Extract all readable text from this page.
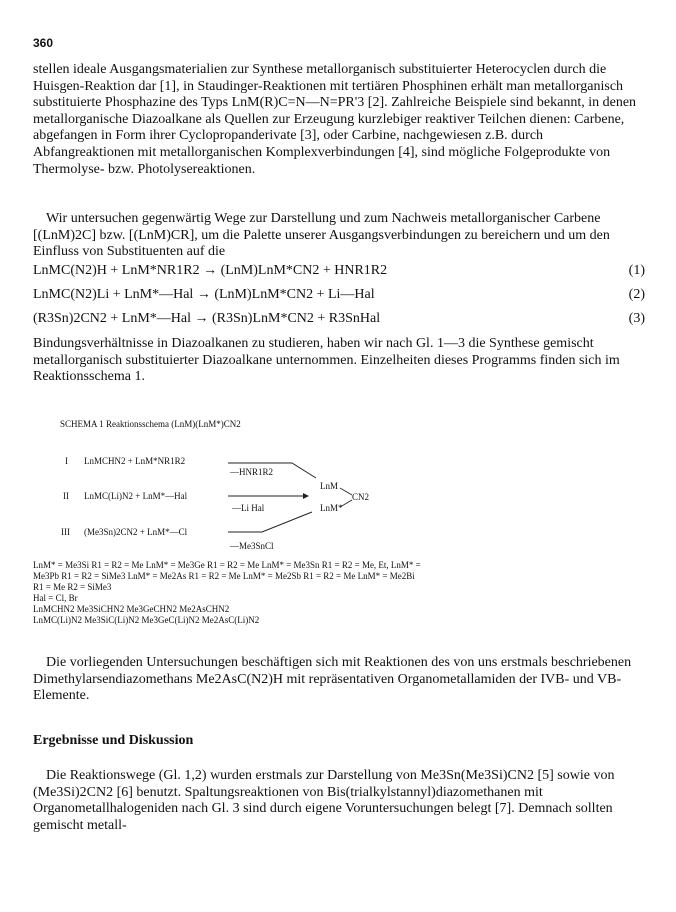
360
stellen ideale Ausgangsmaterialien zur Synthese metallorganisch substituierter Heterocyclen durch die Huisgen-Reaktion dar [1], in Staudinger-Reaktionen mit tertiären Phosphinen erhält man metallorganisch substituierte Phosphazine des Typs LnM(R)C=N—N=PR'3 [2]. Zahlreiche Beispiele sind bekannt, in denen metallorganische Diazoalkane als Quellen zur Erzeugung kurzlebiger reaktiver Teilchen dienen: Carbene, abgefangen in Form ihrer Cyclopropanderivate [3], oder Carbine, nachgewiesen z.B. durch Abfangreaktionen mit metallorganischen Komplexverbindungen [4], sind mögliche Folgeprodukte von Thermolyse- bzw. Photolysereaktionen.
Wir untersuchen gegenwärtig Wege zur Darstellung und zum Nachweis metallorganischer Carbene [(LnM)2C] bzw. [(LnM)CR], um die Palette unserer Ausgangsverbindungen zu bereichern und um den Einfluss von Substituenten auf die
LnMC(N2)H + LnM*NR1R2 → (LnM)LnM*CN2 + HNR1R2	(1)
LnMC(N2)Li + LnM*—Hal → (LnM)LnM*CN2 + Li—Hal	(2)
(R3Sn)2CN2 + LnM*—Hal → (R3Sn)LnM*CN2 + R3SnHal	(3)
Bindungsverhältnisse in Diazoalkanen zu studieren, haben wir nach Gl. 1—3 die Synthese gemischt metallorganisch substituierter Diazoalkane unternommen. Einzelheiten dieses Programms finden sich im Reaktionsschema 1.
SCHEMA 1 Reaktionsschema (LnM)(LnM*)CN2
I LnMCHN2 + LnM*NR1R2
—HNR1R2
II LnMC(Li)N2 + LnM*—Hal
—Li Hal
III (Me3Sn)2CN2 + LnM*—Cl
—Me3SnCl
LnM
CN2
LnM*
LnM* = Me3Si R1 = R2 = Me LnM* = Me3Ge R1 = R2 = Me LnM* = Me3Sn R1 = R2 = Me, Et, LnM* =
Me3Pb R1 = R2 = SiMe3 LnM* = Me2As R1 = R2 = Me LnM* = Me2Sb R1 = R2 = Me LnM* = Me2Bi
R1 = Me R2 = SiMe3
Hal = Cl, Br
LnMCHN2 Me3SiCHN2 Me3GeCHN2 Me2AsCHN2
LnMC(Li)N2 Me3SiC(Li)N2 Me3GeC(Li)N2 Me2AsC(Li)N2
Die vorliegenden Untersuchungen beschäftigen sich mit Reaktionen des von uns erstmals beschriebenen Dimethylarsendiazomethans Me2AsC(N2)H mit repräsentativen Organometallamiden der IVB- und VB-Elemente.
Ergebnisse und Diskussion
Die Reaktionswege (Gl. 1,2) wurden erstmals zur Darstellung von Me3Sn(Me3Si)CN2 [5] sowie von (Me3Si)2CN2 [6] benutzt. Spaltungsreaktionen von Bis(trialkylstannyl)diazomethanen mit Organometallhalogeniden nach Gl. 3 sind durch eigene Voruntersuchungen belegt [7]. Demnach sollten gemischt metall-
